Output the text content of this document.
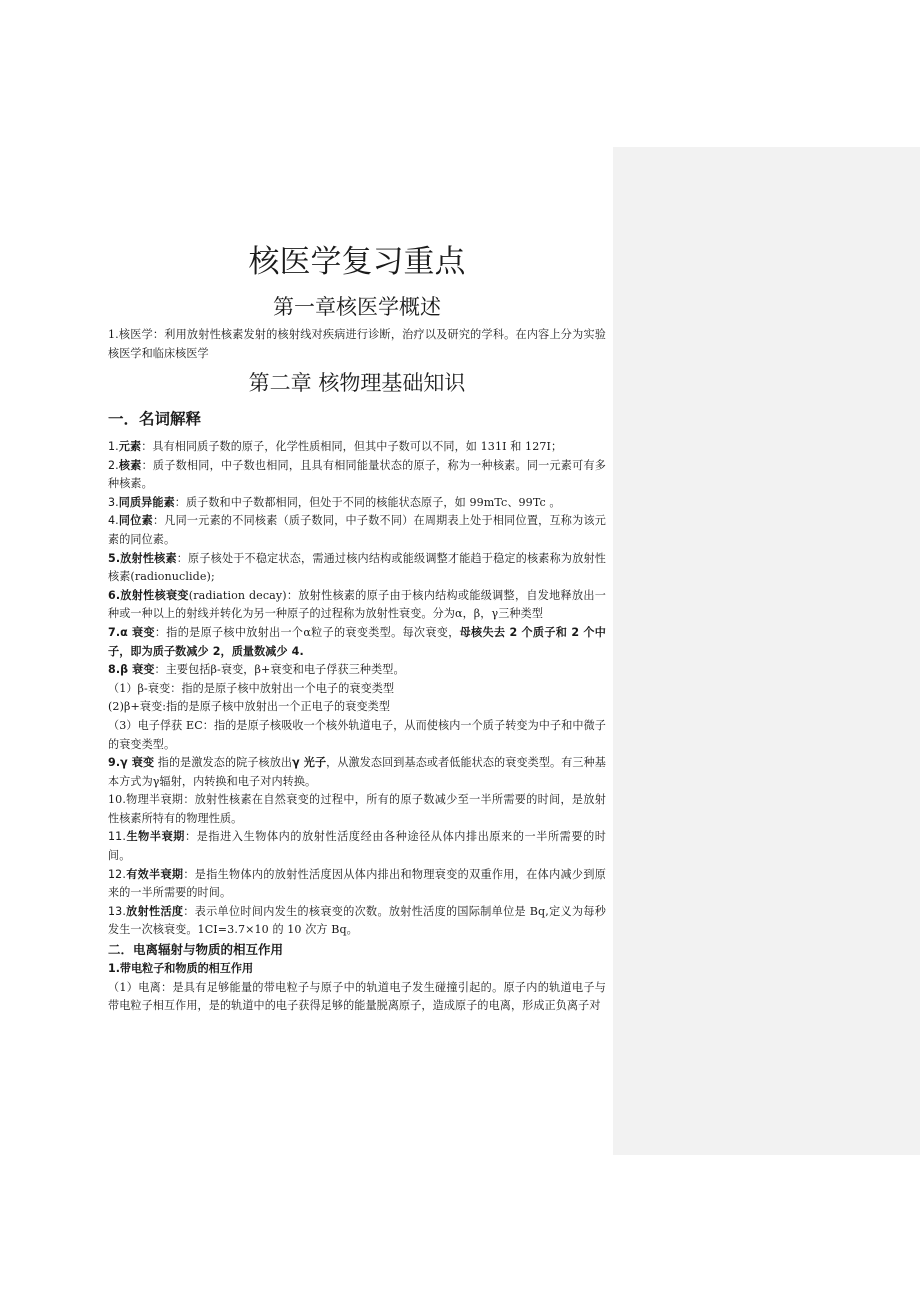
核医学复习重点
第一章核医学概述

1.核医学：利用放射性核素发射的核射线对疾病进行诊断，治疗以及研究的学科。在内容上分为实验核医学和临床核医学

第二章 核物理基础知识
一．名词解释

1.元素：具有相同质子数的原子，化学性质相同，但其中子数可以不同，如 131I 和 127I；

2.核素：质子数相同，中子数也相同，且具有相同能量状态的原子，称为一种核素。同一元素可有多种核素。

3.同质异能素：质子数和中子数都相同，但处于不同的核能状态原子，如 99mTc、99Tc 。

4.同位素：凡同一元素的不同核素（质子数同，中子数不同）在周期表上处于相同位置，互称为该元素的同位素。

5.放射性核素：原子核处于不稳定状态，需通过核内结构或能级调整才能趋于稳定的核素称为放射性核素(radionuclide);

6.放射性核衰变(radiation decay)：放射性核素的原子由于核内结构或能级调整，自发地释放出一种或一种以上的射线并转化为另一种原子的过程称为放射性衰变。分为α，β，γ三种类型

7.α 衰变：指的是原子核中放射出一个α粒子的衰变类型。每次衰变，母核失去 2 个质子和 2 个中子，即为质子数减少 2，质量数减少 4.

8.β 衰变：主要包括β-衰变，β+衰变和电子俘获三种类型。

（1）β-衰变：指的是原子核中放射出一个电子的衰变类型

(2)β+衰变:指的是原子核中放射出一个正电子的衰变类型

（3）电子俘获 EC：指的是原子核吸收一个核外轨道电子，从而使核内一个质子转变为中子和中微子的衰变类型。

9.γ 衰变 指的是激发态的院子核放出γ 光子，从激发态回到基态或者低能状态的衰变类型。有三种基本方式为γ辐射，内转换和电子对内转换。

10.物理半衰期：放射性核素在自然衰变的过程中，所有的原子数减少至一半所需要的时间，是放射性核素所特有的物理性质。

11.生物半衰期：是指进入生物体内的放射性活度经由各种途径从体内排出原来的一半所需要的时间。

12.有效半衰期：是指生物体内的放射性活度因从体内排出和物理衰变的双重作用，在体内减少到原来的一半所需要的时间。

13.放射性活度：表示单位时间内发生的核衰变的次数。放射性活度的国际制单位是 Bq,定义为每秒发生一次核衰变。1CI=3.7×10 的 10 次方 Bq。

二．电离辐射与物质的相互作用

1.带电粒子和物质的相互作用

（1）电离：是具有足够能量的带电粒子与原子中的轨道电子发生碰撞引起的。原子内的轨道电子与带电粒子相互作用，是的轨道中的电子获得足够的能量脱离原子，造成原子的电离，形成正负离子对
